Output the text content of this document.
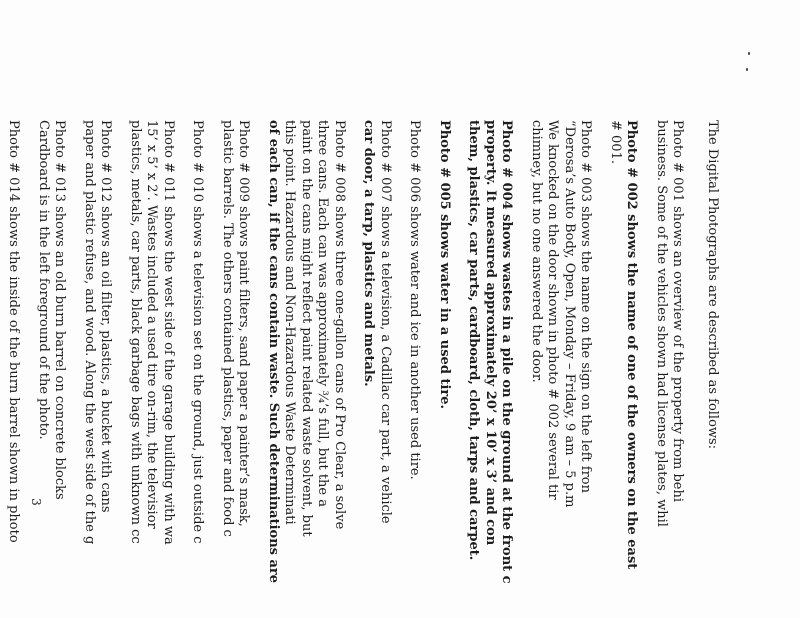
The Digital Photographs are described as follows:
Photo # 001 shows an overview of the property from behi
business. Some of the vehicles shown had license plates, whil
Photo # 002 shows the name of one of the owners on the east
# 001.
Photo # 003 shows the name on the sign on the left fron
“Derosa’s Auto Body, Open, Monday – Friday, 9 am – 5 p.m
We knocked on the door shown in photo # 002 several tir
chimney, but no one answered the door.
Photo # 004 shows wastes in a pile on the ground at the front c
property. It measured approximately 20’ x 10’ x 3’ and con
them, plastics, car parts, cardboard, cloth, tarps and carpet.
Photo # 005 shows water in a used tire.
Photo # 006 shows water and ice in another used tire.
Photo # 007 shows a television, a Cadillac car part, a vehicle
car door, a tarp, plastics and metals.
Photo # 008 shows three one-gallon cans of Pro Clear, a solve
three cans. Each can was approximately ¾’s full, but the a
paint on the cans might reflect paint related waste solvent, but
this point. Hazardous and Non-Hazardous Waste Determinati
of each can, if the cans contain waste. Such determinations are
Photo # 009 shows paint filters, sand paper a painter’s mask,
plastic barrels. The others contained plastics, paper and food c
Photo # 010 shows a television set on the ground, just outside c
Photo # 011 shows the west side of the garage building with wa
15’ x 5’ x 2’. Wastes included a used tire on-rim, the televisior
plastics, metals, car parts, black garbage bags with unknown cc
Photo # 012 shows an oil filter, plastics, a bucket with cans
paper and plastic refuse, and wood. Along the west side of the g
Photo # 013 shows an old burn barrel on concrete blocks
Cardboard is in the left foreground of the photo.
Photo # 014 shows the inside of the burn barrel shown in photo 3
